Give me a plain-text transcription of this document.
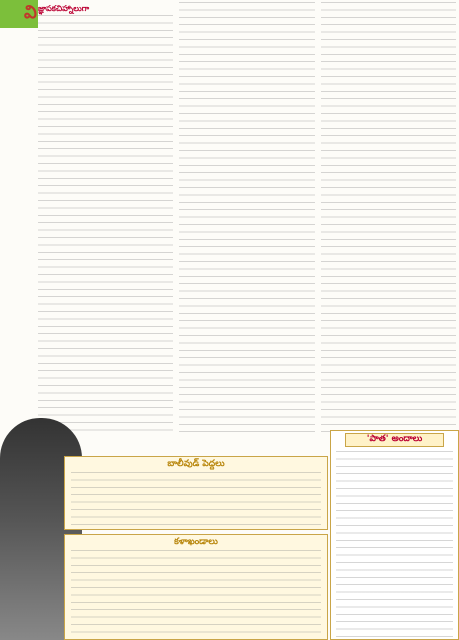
వి జ్ఞాపకచిహ్నాలుగా

బాలీవుడ్ పెద్దలు
కళాఖండాలు
'పాత' అందాలు
